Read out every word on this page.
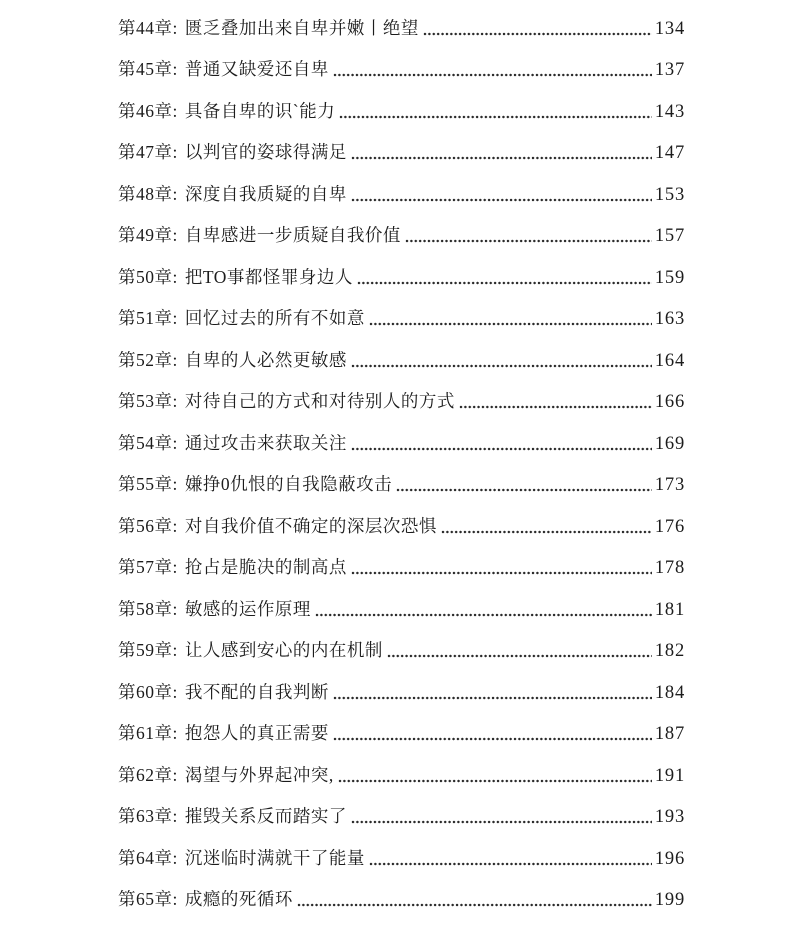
第44章: 匮乏叠加出来自卑并嫩丨绝望	134
第45章: 普通又缺爱还自卑	137
第46章: 具备自卑的识`能力	143
第47章: 以判官的姿球得满足	147
第48章: 深度自我质疑的自卑	153
第49章: 自卑感进一步质疑自我价值	157
第50章: 把TO事都怪罪身边人	159
第51章: 回忆过去的所有不如意	163
第52章: 自卑的人必然更敏感	164
第53章: 对待自己的方式和对待别人的方式	166
第54章: 通过攻击来获取关注	169
第55章: 嫌挣0仇恨的自我隐蔽攻击	173
第56章: 对自我价值不确定的深层次恐惧	176
第57章: 抢占是脆决的制高点	178
第58章: 敏感的运作原理	181
第59章: 让人感到安心的内在机制	182
第60章: 我不配的自我判断	184
第61章: 抱怨人的真正需要	187
第62章: 渴望与外界起冲突,	191
第63章: 摧毁关系反而踏实了	193
第64章: 沉迷临时满就干了能量	196
第65章: 成瘾的死循环	199
